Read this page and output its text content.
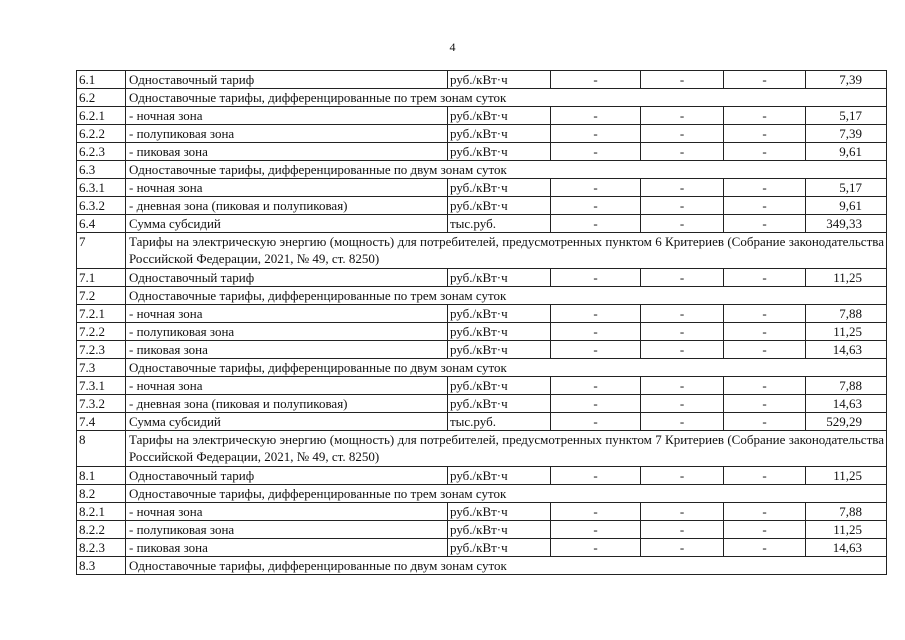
4
6.1	Одноставочный тариф	руб./кВт·ч	-	-	-	7,39
6.2	Одноставочные тарифы, дифференцированные по трем зонам суток					
6.2.1	- ночная зона	руб./кВт·ч	-	-	-	5,17
6.2.2	- полупиковая зона	руб./кВт·ч	-	-	-	7,39
6.2.3	- пиковая зона	руб./кВт·ч	-	-	-	9,61
6.3	Одноставочные тарифы, дифференцированные по двум зонам суток					
6.3.1	- ночная зона	руб./кВт·ч	-	-	-	5,17
6.3.2	- дневная зона (пиковая и полупиковая)	руб./кВт·ч	-	-	-	9,61
6.4	Сумма субсидий	тыс.руб.	-	-	-	349,33
7	Тарифы на электрическую энергию (мощность) для потребителей, предусмотренных пунктом 6 Критериев (Собрание законодательства Российской Федерации, 2021, № 49, ст. 8250)					
7.1	Одноставочный тариф	руб./кВт·ч	-	-	-	11,25
7.2	Одноставочные тарифы, дифференцированные по трем зонам суток					
7.2.1	- ночная зона	руб./кВт·ч	-	-	-	7,88
7.2.2	- полупиковая зона	руб./кВт·ч	-	-	-	11,25
7.2.3	- пиковая зона	руб./кВт·ч	-	-	-	14,63
7.3	Одноставочные тарифы, дифференцированные по двум зонам суток					
7.3.1	- ночная зона	руб./кВт·ч	-	-	-	7,88
7.3.2	- дневная зона (пиковая и полупиковая)	руб./кВт·ч	-	-	-	14,63
7.4	Сумма субсидий	тыс.руб.	-	-	-	529,29
8	Тарифы на электрическую энергию (мощность) для потребителей, предусмотренных пунктом 7 Критериев (Собрание законодательства Российской Федерации, 2021, № 49, ст. 8250)					
8.1	Одноставочный тариф	руб./кВт·ч	-	-	-	11,25
8.2	Одноставочные тарифы, дифференцированные по трем зонам суток					
8.2.1	- ночная зона	руб./кВт·ч	-	-	-	7,88
8.2.2	- полупиковая зона	руб./кВт·ч	-	-	-	11,25
8.2.3	- пиковая зона	руб./кВт·ч	-	-	-	14,63
8.3	Одноставочные тарифы, дифференцированные по двум зонам суток					
